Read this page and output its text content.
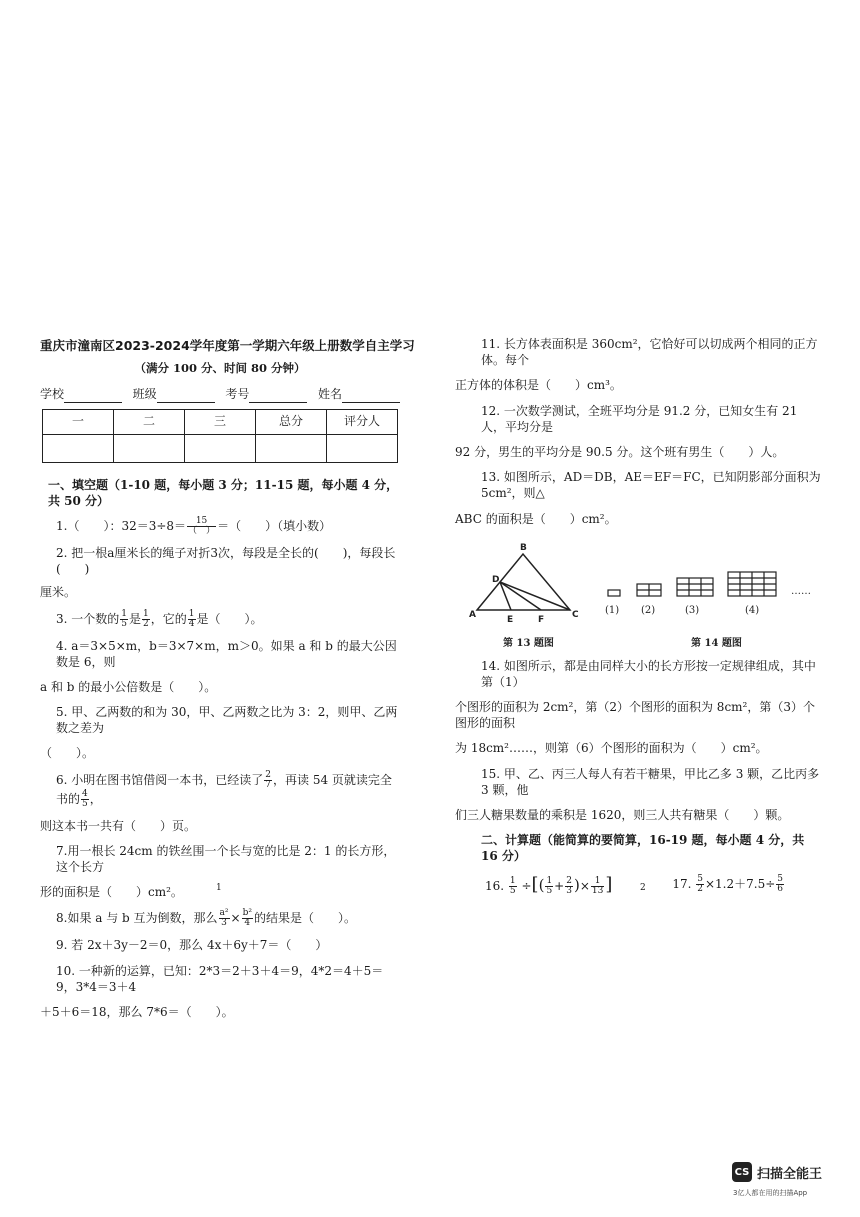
重庆市潼南区2023-2024学年度第一学期六年级上册数学自主学习
（满分 100 分、时间 80 分钟）
学校	班级	考号	姓名
一	二	三	总分	评分人

一、填空题（1-10 题，每小题 3 分；11-15 题，每小题 4 分，共 50 分）

1.（　　）：$32=3\div 8= \frac{15}{( )}$ ＝（　　）（填小数）

2. 把一根a厘米长的绳子对折3次，每段是全长的(　　)，每段长(　　)

厘米。

3. 一个数的 $\frac{1}{5}$ 是 $\frac{1}{2}$ ，它的 $\frac{1}{4}$ 是（　　）。

4. a＝3×5×m，b＝3×7×m，m＞0。如果 a 和 b 的最大公因数是 6，则

a 和 b 的最小公倍数是（　　）。

5. 甲、乙两数的和为 30，甲、乙两数之比为 3：2，则甲、乙两数之差为

（　　）。

6. 小明在图书馆借阅一本书，已经读了 $\frac{2}{7}$ ，再读 54 页就读完全书的 $\frac{4}{5}$ ，

则这本书一共有（　　）页。

7.用一根长 24cm 的铁丝围一个长与宽的比是 2：1 的长方形，这个长方

形的面积是（　　）cm²。

8.如果 a 与 b 互为倒数，那么 $\frac{\text{a²}}{3} \times \frac{\text{b²}}{4}$ 的结果是（　　）。

9. 若 2x＋3y－2＝0，那么 4x＋6y＋7＝（　　）

10. 一种新的运算，已知：2*3＝2＋3＋4＝9，4*2＝4＋5＝9，3*4＝3＋4

＋5＋6＝18，那么 7*6＝（　　）。

1

11. 长方体表面积是 360cm²，它恰好可以切成两个相同的正方体。每个

正方体的体积是（　　）cm³。

12. 一次数学测试，全班平均分是 91.2 分，已知女生有 21 人，平均分是

92 分，男生的平均分是 90.5 分。这个班有男生（　　）人。

13. 如图所示，AD＝DB，AE＝EF＝FC，已知阴影部分面积为 5cm²，则△

ABC 的面积是（　　）cm²。

A
B
C
D
E	F
(1) (2)	(3)	(4)
……
第 13 题图	第 14 题图

14. 如图所示，都是由同样大小的长方形按一定规律组成，其中第（1）

个图形的面积为 2cm²，第（2）个图形的面积为 8cm²，第（3）个图形的面积

为 18cm²……，则第（6）个图形的面积为（　　）cm²。

15. 甲、乙、丙三人每人有若干糖果，甲比乙多 3 颗，乙比丙多 3 颗，他

们三人糖果数量的乘积是 1620，则三人共有糖果（　　）颗。

二、计算题（能简算的要简算，16-19 题，每小题 4 分，共 16 分）
16. $\frac{1}{5}$ ÷[( $\frac{1}{5} + \frac{2}{3}$ )× $\frac{1}{13}$ ]	17. $\frac{5}{2} \times 1.2+7.5\div \frac{5}{6}$
2
CS 扫描全能王
3亿人都在用的扫描App
